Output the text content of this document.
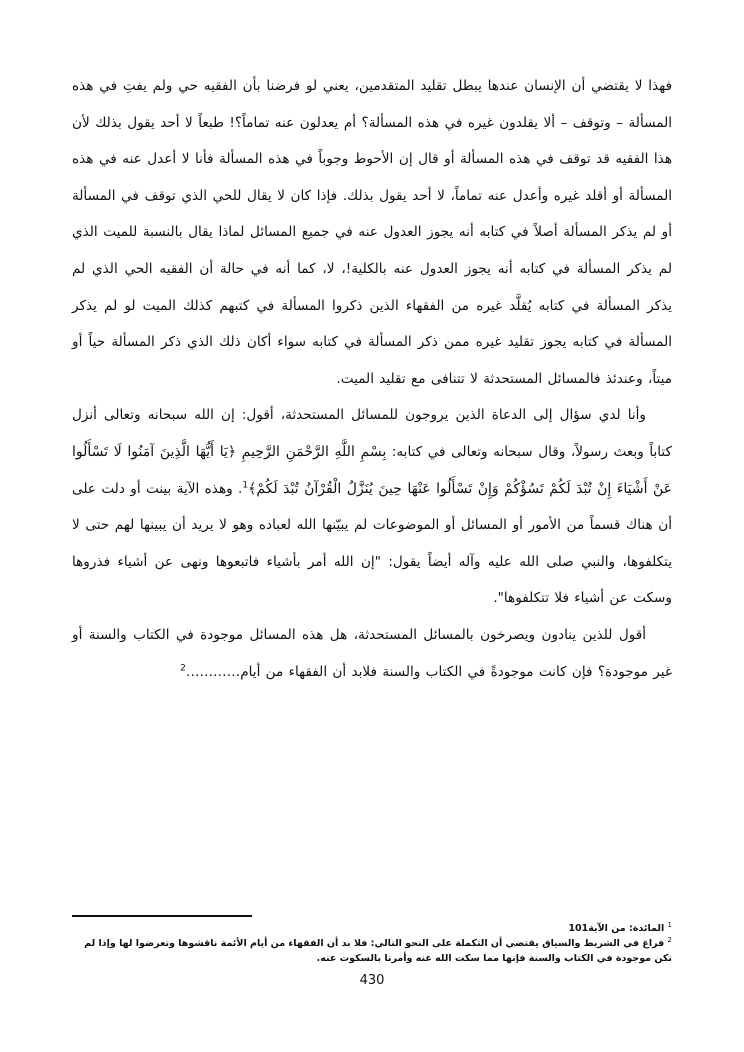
فهذا لا يقتضي أن الإنسان عندها يبطل تقليد المتقدمين، يعني لو فرضنا بأن الفقيه حي ولم يفتِ في هذه المسألة – وتوقف – ألا يقلدون غيره في هذه المسألة؟ أم يعدلون عنه تماماً؟! طبعاً لا أحد يقول بذلك لأن هذا الفقيه قد توقف في هذه المسألة أو قال إن الأحوط وجوباً في هذه المسألة فأنا لا أعدل عنه في هذه المسألة أو أقلد غيره وأعدل عنه تماماً، لا أحد يقول بذلك. فإذا كان لا يقال للحي الذي توقف في المسألة أو لم يذكر المسألة أصلاً في كتابه أنه يجوز العدول عنه في جميع المسائل لماذا يقال بالنسبة للميت الذي لم يذكر المسألة في كتابه أنه يجوز العدول عنه بالكلية!، لا، كما أنه في حالة أن الفقيه الحي الذي لم يذكر المسألة في كتابه يُقلَّد غيره من الفقهاء الذين ذكروا المسألة في كتبهم كذلك الميت لو لم يذكر المسألة في كتابه يجوز تقليد غيره ممن ذكر المسألة في كتابه سواء أكان ذلك الذي ذكر المسألة حياً أو ميتاً، وعندئذ فالمسائل المستحدثة لا تتنافى مع تقليد الميت.

وأنا لدي سؤال إلى الدعاة الذين يروجون للمسائل المستحدثة، أقول: إن الله سبحانه وتعالى أنزل كتاباً وبعث رسولاً، وقال سبحانه وتعالى في كتابه: بِسْمِ اللَّهِ الرَّحْمَنِ الرَّحِيمِ ﴿يَا أَيُّهَا الَّذِينَ آمَنُوا لَا تَسْأَلُوا عَنْ أَشْيَاءَ إِنْ تُبْدَ لَكُمْ تَسُؤْكُمْ وَإِنْ تَسْأَلُوا عَنْهَا حِينَ يُنَزَّلُ الْقُرْآنُ تُبْدَ لَكُمْ﴾$^1$. وهذه الآية بينت أو دلت على أن هناك قسماً من الأمور أو المسائل أو الموضوعات لم يبيّنها الله لعباده وهو لا يريد أن يبينها لهم حتى لا يتكلفوها، والنبي صلى الله عليه وآله أيضاً يقول: "إن الله أمر بأشياء فاتبعوها ونهى عن أشياء فذروها وسكت عن أشياء فلا تتكلفوها".

أقول للذين ينادون ويصرخون بالمسائل المستحدثة، هل هذه المسائل موجودة في الكتاب والسنة أو غير موجودة؟ فإن كانت موجودةً في الكتاب والسنة فلابد أن الفقهاء من أيام…………$^2$

$^1$ المائدة: من الآية101

$^2$ فراغ في الشريط والسياق يقتضي أن التكملة على النحو التالي: فلا بد أن الفقهاء من أيام الأئمة ناقشوها وتعرضوا لها وإذا لم تكن موجودة في الكتاب والسنة فإنها مما سكت الله عنه وأمرنا بالسكوت عنه.

430
